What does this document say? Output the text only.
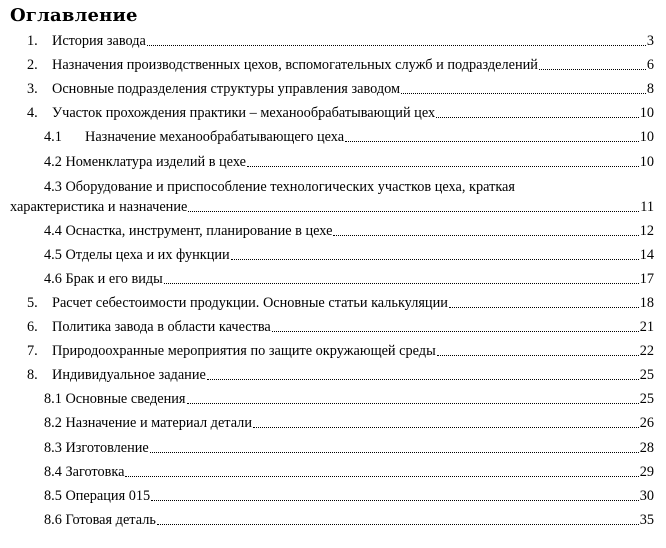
Оглавление
1. История завода	3
2. Назначения производственных цехов, вспомогательных служб и подразделений	6
3. Основные подразделения структуры управления заводом	8
4. Участок прохождения практики – механообрабатывающий цех	10
4.1	Назначение механообрабатывающего цеха	10
4.2 Номенклатура изделий в цехе	10
4.3 Оборудование и приспособление технологических участков цеха, краткая
характеристика и назначение	11
4.4 Оснастка, инструмент, планирование в цехе	12
4.5 Отделы цеха и их функции	14
4.6 Брак и его виды	17
5. Расчет себестоимости продукции. Основные статьи калькуляции	18
6. Политика завода в области качества	21
7. Природоохранные мероприятия по защите окружающей среды	22
8. Индивидуальное задание	25
8.1 Основные сведения	25
8.2 Назначение и материал детали	26
8.3 Изготовление	28
8.4 Заготовка	29
8.5 Операция 015	30
8.6 Готовая деталь	35
